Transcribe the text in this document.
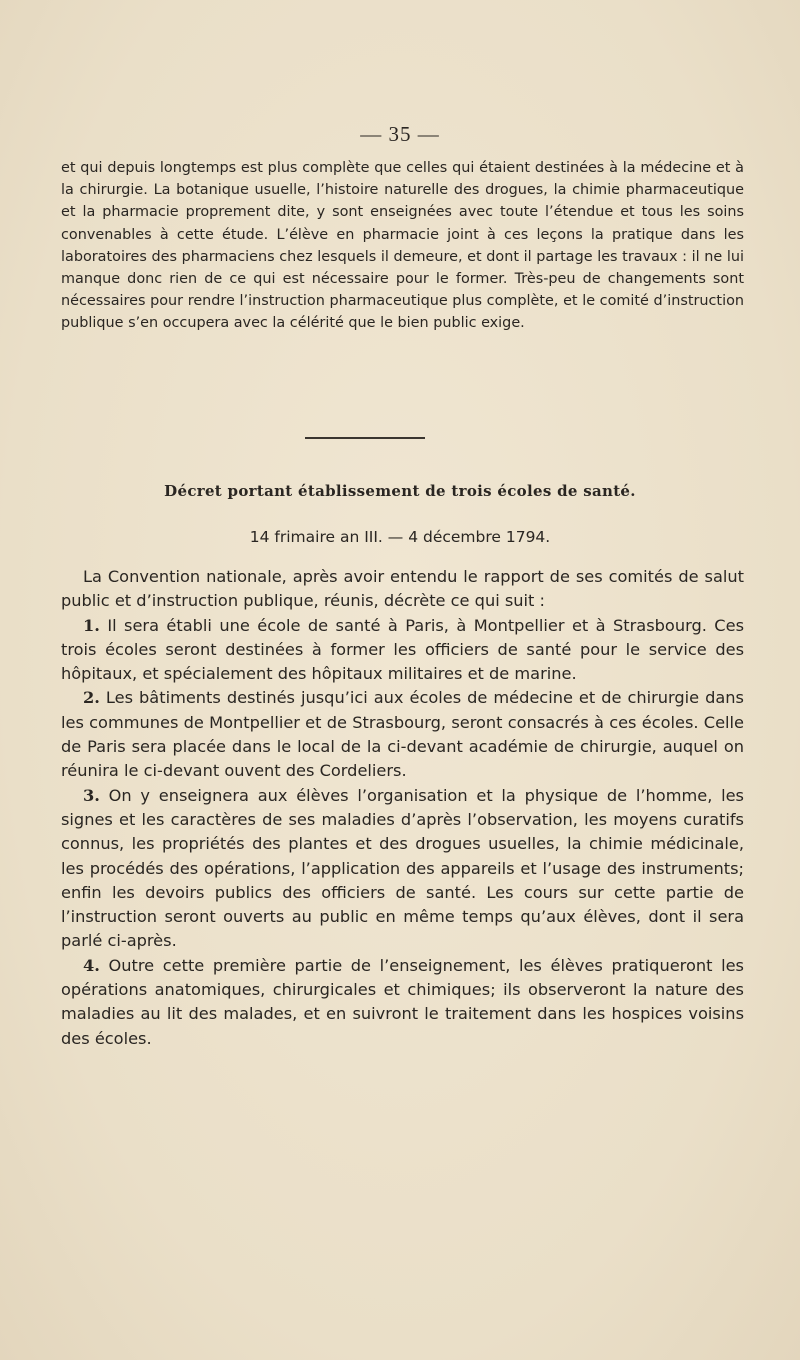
— 35 —

et qui depuis longtemps est plus complète que celles qui étaient destinées à la médecine et à la chirurgie. La botanique usuelle, l’histoire naturelle des drogues, la chimie pharmaceutique et la pharmacie proprement dite, y sont enseignées avec toute l’étendue et tous les soins convenables à cette étude. L’élève en pharmacie joint à ces leçons la pratique dans les laboratoires des pharmaciens chez lesquels il demeure, et dont il partage les travaux : il ne lui manque donc rien de ce qui est nécessaire pour le former. Très-peu de changements sont nécessaires pour rendre l’instruction pharmaceutique plus complète, et le comité d’instruction publique s’en occupera avec la célérité que le bien public exige.

Décret portant établissement de trois écoles de santé.

14 frimaire an III. — 4 décembre 1794.

La Convention nationale, après avoir entendu le rapport de ses comités de salut public et d’instruction publique, réunis, décrète ce qui suit :

1. Il sera établi une école de santé à Paris, à Montpellier et à Strasbourg. Ces trois écoles seront destinées à former les officiers de santé pour le service des hôpitaux, et spécialement des hôpitaux militaires et de marine.

2. Les bâtiments destinés jusqu’ici aux écoles de médecine et de chirurgie dans les communes de Montpellier et de Strasbourg, seront consacrés à ces écoles. Celle de Paris sera placée dans le local de la ci-devant académie de chirurgie, auquel on réunira le ci-devant ouvent des Cordeliers.

3. On y enseignera aux élèves l’organisation et la physique de l’homme, les signes et les caractères de ses maladies d’après l’observation, les moyens curatifs connus, les propriétés des plantes et des drogues usuelles, la chimie médicinale, les procédés des opérations, l’application des appareils et l’usage des instruments; enfin les devoirs publics des officiers de santé. Les cours sur cette partie de l’instruction seront ouverts au public en même temps qu’aux élèves, dont il sera parlé ci-après.

4. Outre cette première partie de l’enseignement, les élèves pratiqueront les opérations anatomiques, chirurgicales et chimiques; ils observeront la nature des maladies au lit des malades, et en suivront le traitement dans les hospices voisins des écoles.
